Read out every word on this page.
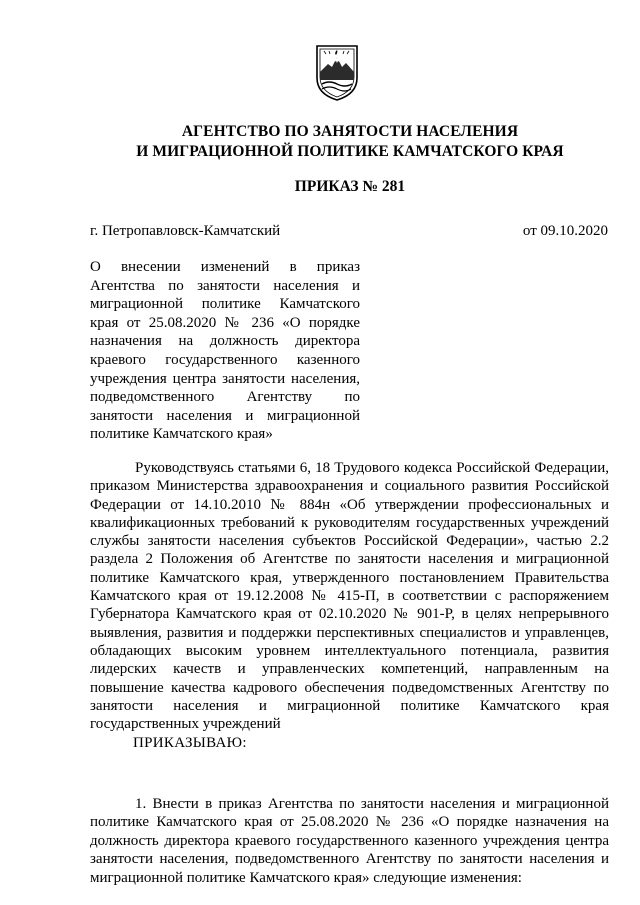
АГЕНТСТВО ПО ЗАНЯТОСТИ НАСЕЛЕНИЯ
И МИГРАЦИОННОЙ ПОЛИТИКЕ КАМЧАТСКОГО КРАЯ
ПРИКАЗ № 281
г. Петропавловск-Камчатский	от 09.10.2020
О внесении изменений в приказ Агентства по занятости населения и миграционной политике Камчатского края от 25.08.2020 № 236 «О порядке назначения на должность директора краевого государственного казенного учреждения центра занятости населения, подведомственного Агентству по занятости населения и миграционной политике Камчатского края»
Руководствуясь статьями 6, 18 Трудового кодекса Российской Федерации, приказом Министерства здравоохранения и социального развития Российской Федерации от 14.10.2010 № 884н «Об утверждении профессиональных и квалификационных требований к руководителям государственных учреждений службы занятости населения субъектов Российской Федерации», частью 2.2 раздела 2 Положения об Агентстве по занятости населения и миграционной политике Камчатского края, утвержденного постановлением Правительства Камчатского края от 19.12.2008 № 415-П, в соответствии с распоряжением Губернатора Камчатского края от 02.10.2020 № 901-Р, в целях непрерывного выявления, развития и поддержки перспективных специалистов и управленцев, обладающих высоким уровнем интеллектуального потенциала, развития лидерских качеств и управленческих компетенций, направленным на повышение качества кадрового обеспечения подведомственных Агентству по занятости населения и миграционной политике Камчатского края государственных учреждений
ПРИКАЗЫВАЮ:
1. Внести в приказ Агентства по занятости населения и миграционной политике Камчатского края от 25.08.2020 № 236 «О порядке назначения на должность директора краевого государственного казенного учреждения центра занятости населения, подведомственного Агентству по занятости населения и миграционной политике Камчатского края» следующие изменения:
